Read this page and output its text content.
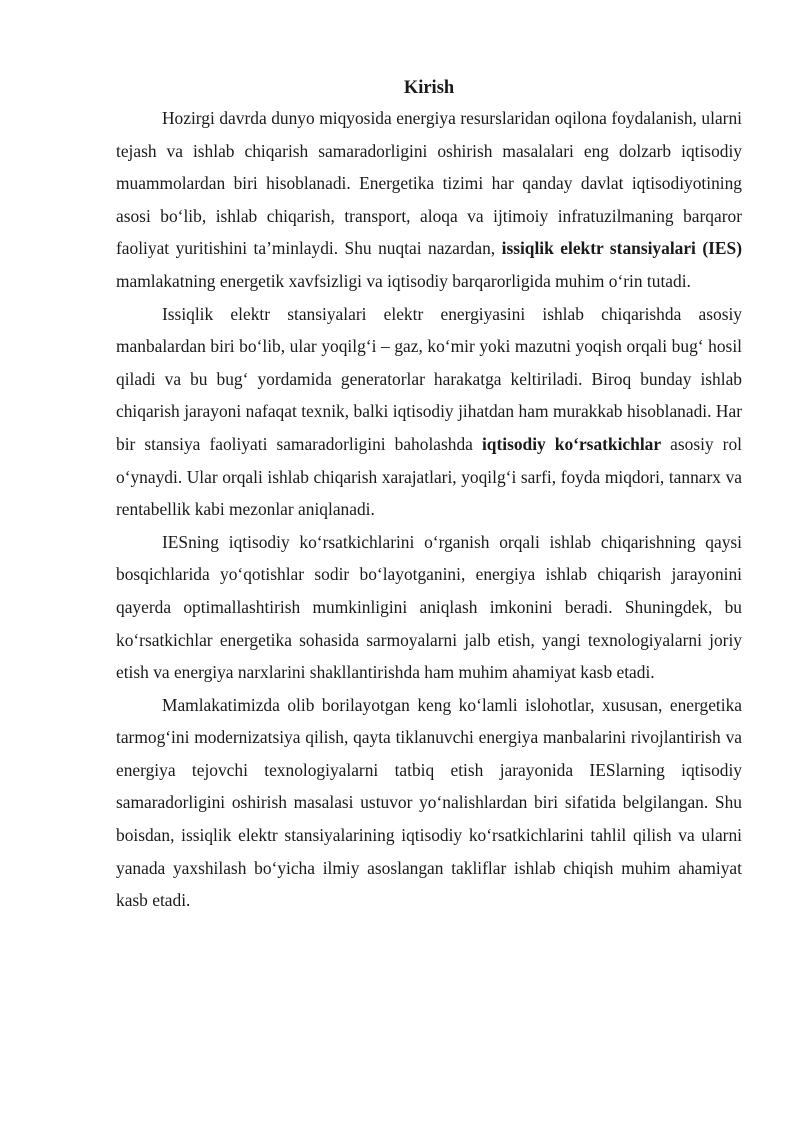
Kirish

Hozirgi davrda dunyo miqyosida energiya resurslaridan oqilona foydalanish, ularni tejash va ishlab chiqarish samaradorligini oshirish masalalari eng dolzarb iqtisodiy muammolardan biri hisoblanadi. Energetika tizimi har qanday davlat iqtisodiyotining asosi bo‘lib, ishlab chiqarish, transport, aloqa va ijtimoiy infratuzilmaning barqaror faoliyat yuritishini ta’minlaydi. Shu nuqtai nazardan, issiqlik elektr stansiyalari (IES) mamlakatning energetik xavfsizligi va iqtisodiy barqarorligida muhim o‘rin tutadi.

Issiqlik elektr stansiyalari elektr energiyasini ishlab chiqarishda asosiy manbalardan biri bo‘lib, ular yoqilg‘i – gaz, ko‘mir yoki mazutni yoqish orqali bug‘ hosil qiladi va bu bug‘ yordamida generatorlar harakatga keltiriladi. Biroq bunday ishlab chiqarish jarayoni nafaqat texnik, balki iqtisodiy jihatdan ham murakkab hisoblanadi. Har bir stansiya faoliyati samaradorligini baholashda iqtisodiy ko‘rsatkichlar asosiy rol o‘ynaydi. Ular orqali ishlab chiqarish xarajatlari, yoqilg‘i sarfi, foyda miqdori, tannarx va rentabellik kabi mezonlar aniqlanadi.

IESning iqtisodiy ko‘rsatkichlarini o‘rganish orqali ishlab chiqarishning qaysi bosqichlarida yo‘qotishlar sodir bo‘layotganini, energiya ishlab chiqarish jarayonini qayerda optimallashtirish mumkinligini aniqlash imkonini beradi. Shuningdek, bu ko‘rsatkichlar energetika sohasida sarmoyalarni jalb etish, yangi texnologiyalarni joriy etish va energiya narxlarini shakllantirishda ham muhim ahamiyat kasb etadi.

Mamlakatimizda olib borilayotgan keng ko‘lamli islohotlar, xususan, energetika tarmog‘ini modernizatsiya qilish, qayta tiklanuvchi energiya manbalarini rivojlantirish va energiya tejovchi texnologiyalarni tatbiq etish jarayonida IESlarning iqtisodiy samaradorligini oshirish masalasi ustuvor yo‘nalishlardan biri sifatida belgilangan. Shu boisdan, issiqlik elektr stansiyalarining iqtisodiy ko‘rsatkichlarini tahlil qilish va ularni yanada yaxshilash bo‘yicha ilmiy asoslangan takliflar ishlab chiqish muhim ahamiyat kasb etadi.
